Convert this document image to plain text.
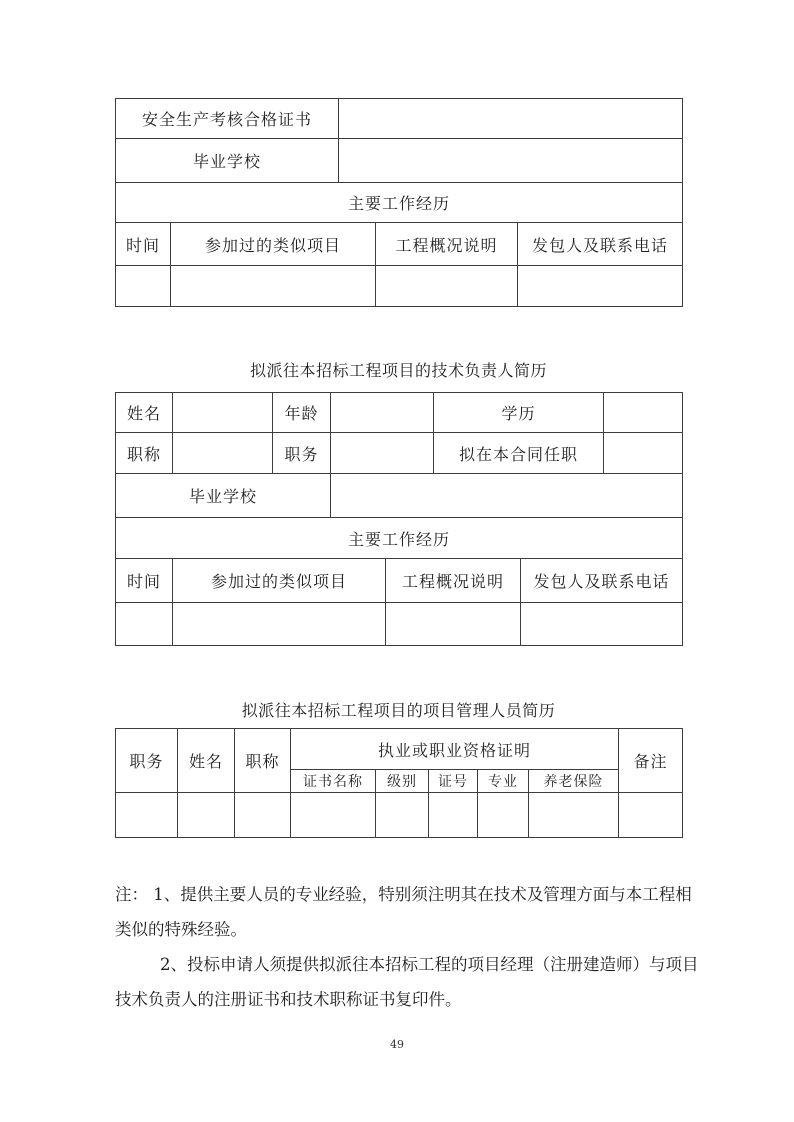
安全生产考核合格证书				
毕业学校				
主要工作经历				
时间	参加过的类似项目		工程概况说明	发包人及联系电话

拟派往本招标工程项目的技术负责人简历
姓名		年龄			学历		
职称		职务			拟在本合同任职		
毕业学校							
主要工作经历							
时间	参加过的类似项目			工程概况说明		发包人及联系电话	

拟派往本招标工程项目的项目管理人员简历
职务	姓名	职称	执业或职业资格证明					备注
			证书名称	级别	证号	专业	养老保险	

注： 1、提供主要人员的专业经验，特别须注明其在技术及管理方面与本工程相
类似的特殊经验。
2、投标申请人须提供拟派往本招标工程的项目经理（注册建造师）与项目
技术负责人的注册证书和技术职称证书复印件。
49
